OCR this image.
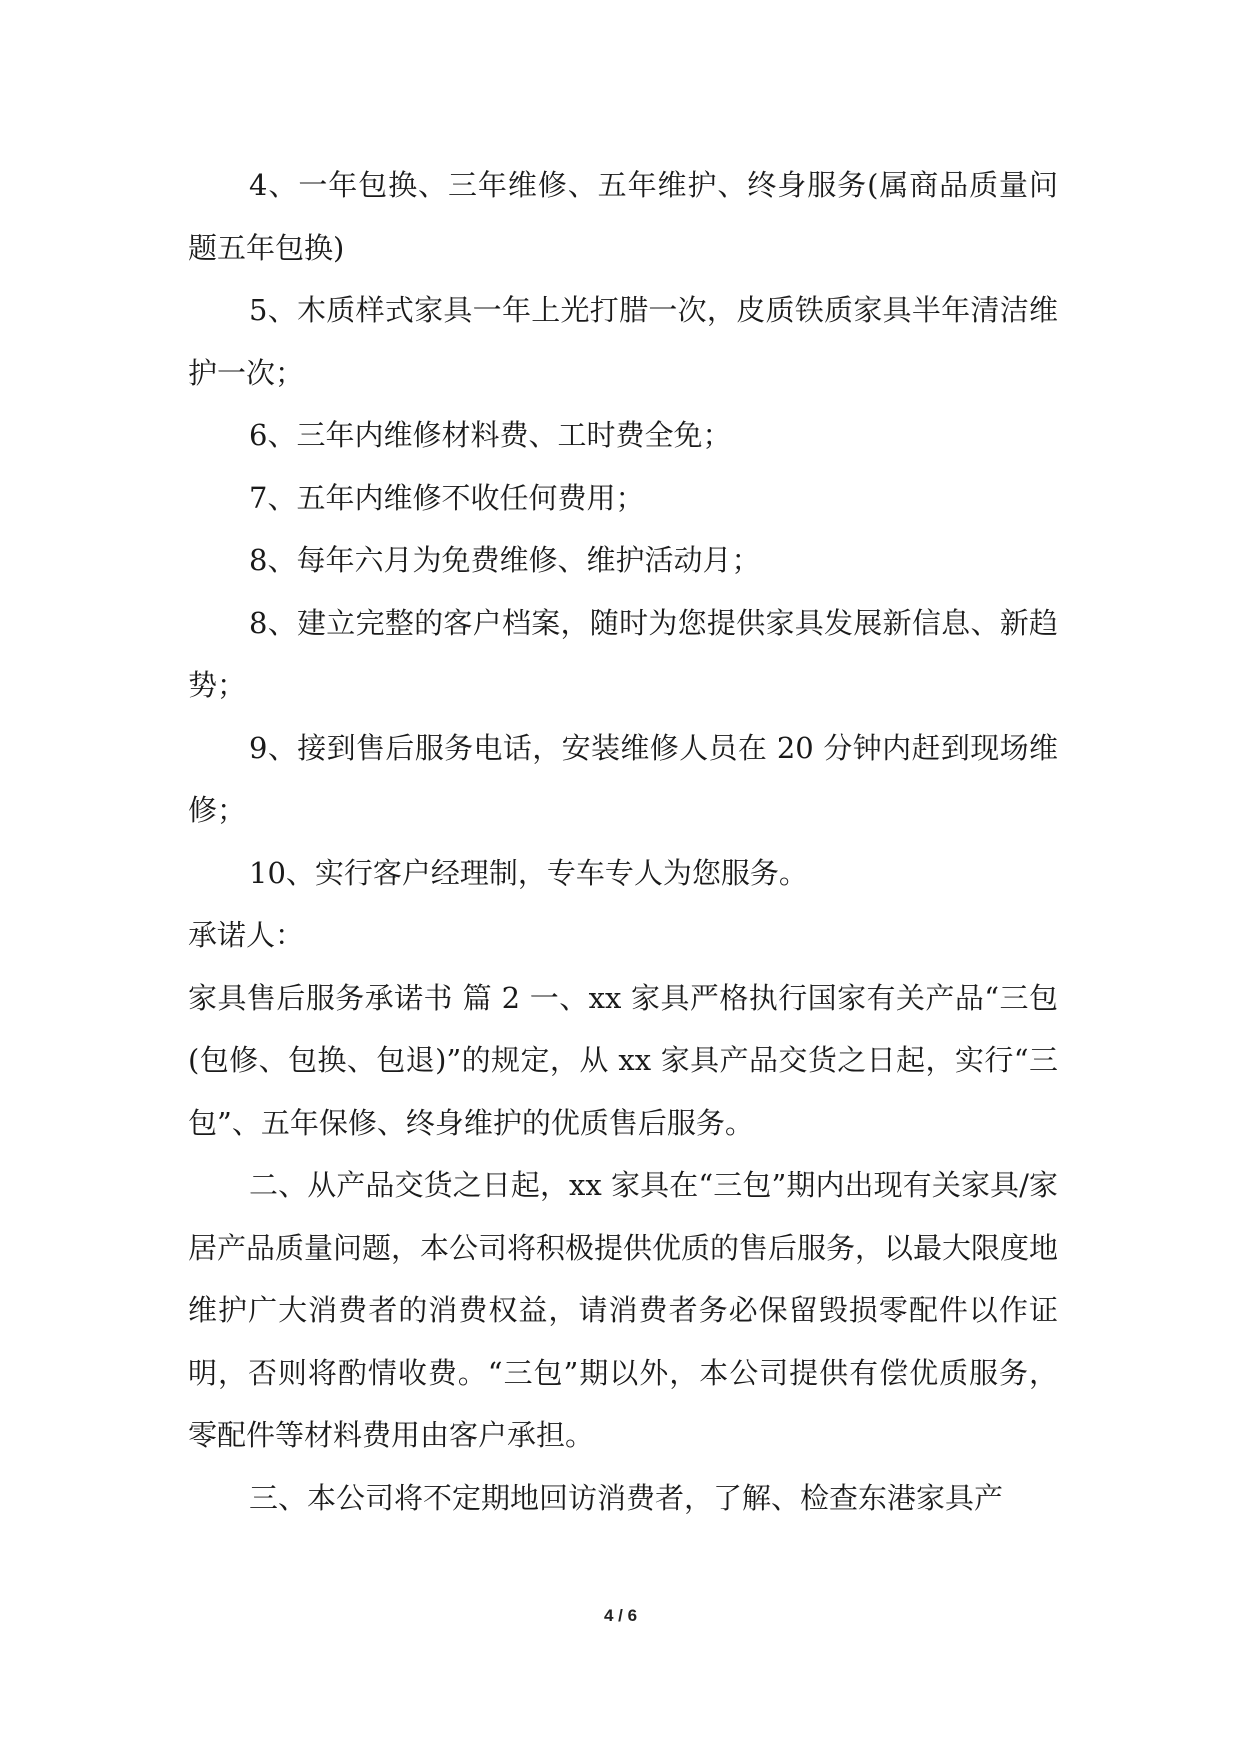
4、一年包换、三年维修、五年维护、终身服务(属商品质量问题五年包换)

5、木质样式家具一年上光打腊一次，皮质铁质家具半年清洁维护一次；

6、三年内维修材料费、工时费全免；

7、五年内维修不收任何费用；

8、每年六月为免费维修、维护活动月；

8、建立完整的客户档案，随时为您提供家具发展新信息、新趋势；

9、接到售后服务电话，安装维修人员在 20 分钟内赶到现场维修；

10、实行客户经理制，专车专人为您服务。

承诺人：

家具售后服务承诺书 篇 2 一、xx 家具严格执行国家有关产品“三包(包修、包换、包退)”的规定，从 xx 家具产品交货之日起，实行“三包”、五年保修、终身维护的优质售后服务。

二、从产品交货之日起，xx 家具在“三包”期内出现有关家具/家居产品质量问题，本公司将积极提供优质的售后服务，以最大限度地维护广大消费者的消费权益，请消费者务必保留毁损零配件以作证明，否则将酌情收费。“三包”期以外，本公司提供有偿优质服务，零配件等材料费用由客户承担。

三、本公司将不定期地回访消费者，了解、检查东港家具产

4 / 6
